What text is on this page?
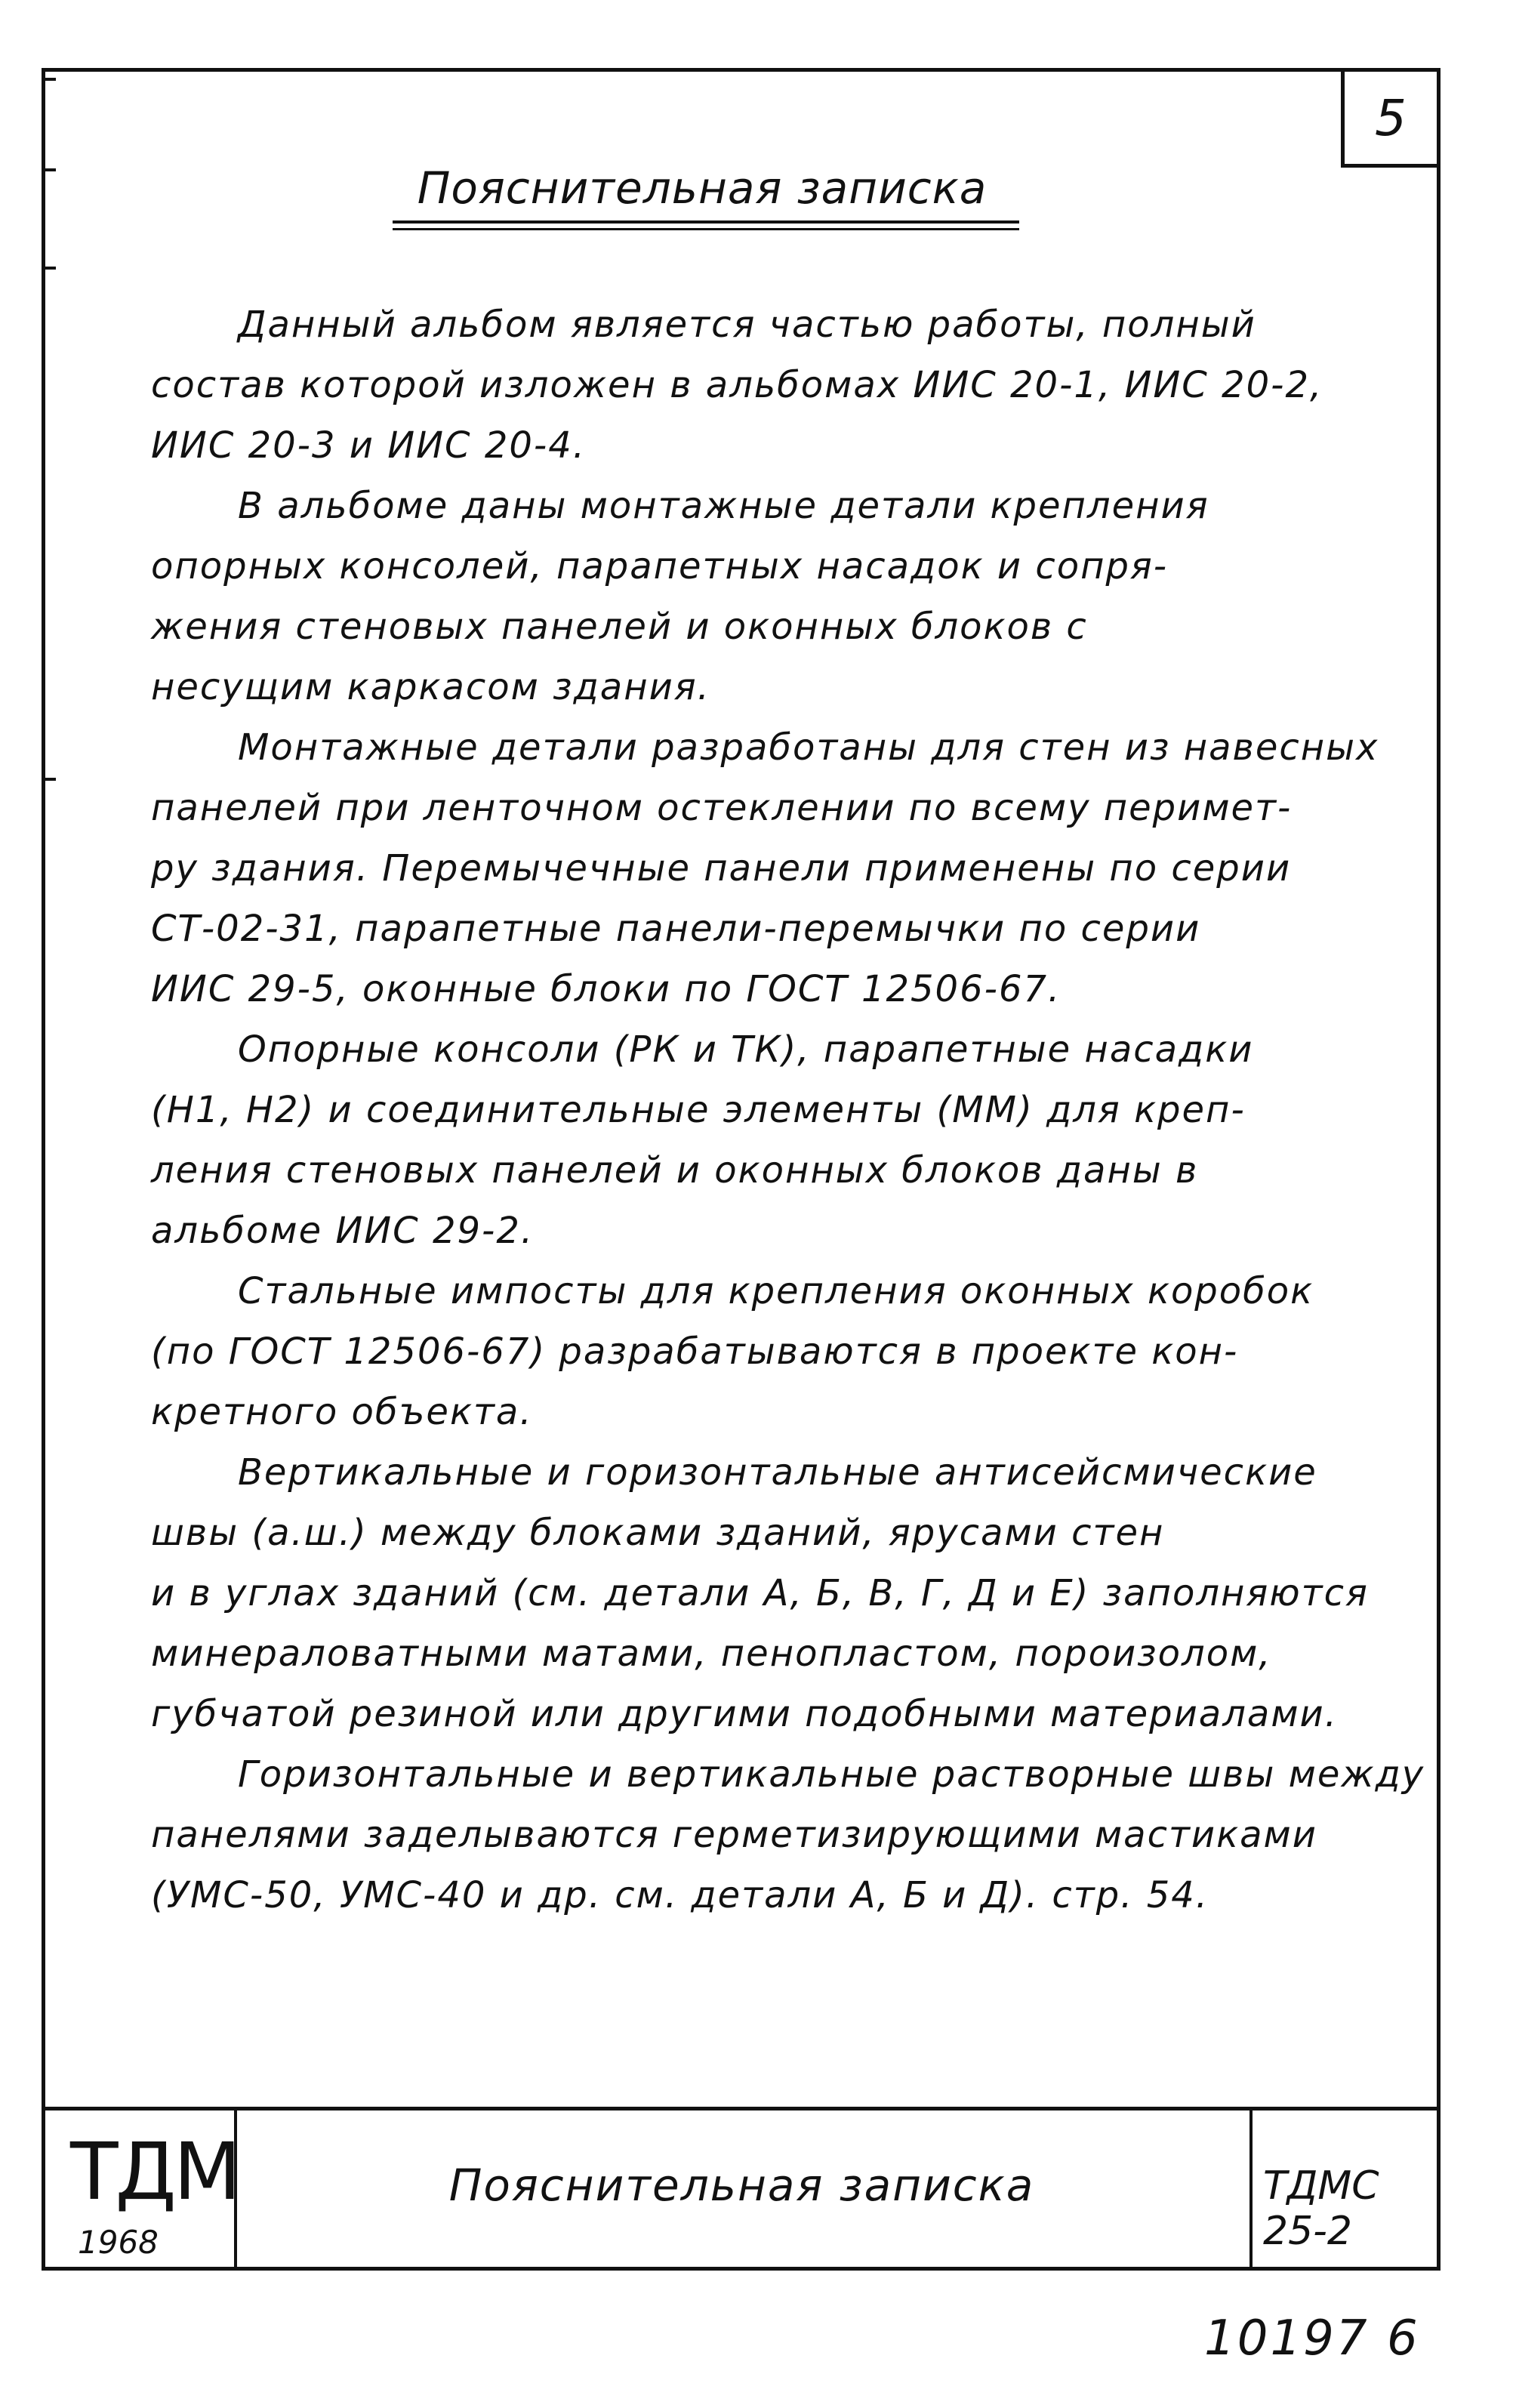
5
Пояснительная записка
Данный альбом является частью работы, полный
состав которой изложен в альбомах ИИС 20-1, ИИС 20-2,
ИИС 20-3 и ИИС 20-4.
В альбоме даны монтажные детали крепления
опорных консолей, парапетных насадок и сопря-
жения стеновых панелей и оконных блоков с
несущим каркасом здания.
Монтажные детали разработаны для стен из навесных
панелей при ленточном остеклении по всему перимет-
ру здания. Перемычечные панели применены по серии
СТ-02-31, парапетные панели-перемычки по серии
ИИС 29-5, оконные блоки по ГОСТ 12506-67.
Опорные консоли (РК и ТК), парапетные насадки
(Н1, Н2) и соединительные элементы (ММ) для креп-
ления стеновых панелей и оконных блоков даны в
альбоме ИИС 29-2.
Стальные импосты для крепления оконных коробок
(по ГОСТ 12506-67) разрабатываются в проекте кон-
кретного объекта.
Вертикальные и горизонтальные антисейсмические
швы (а.ш.) между блоками зданий, ярусами стен
и в углах зданий (см. детали А, Б, В, Г, Д и Е) заполняются
минераловатными матами, пенопластом, пороизолом,
губчатой резиной или другими подобными материалами.
Горизонтальные и вертикальные растворные швы между
панелями заделываются герметизирующими мастиками
(УМС-50, УМС-40 и др. см. детали А, Б и Д). стр. 54.
ТДМ
1968
Пояснительная записка	ТДМС 25-2
10197 6
